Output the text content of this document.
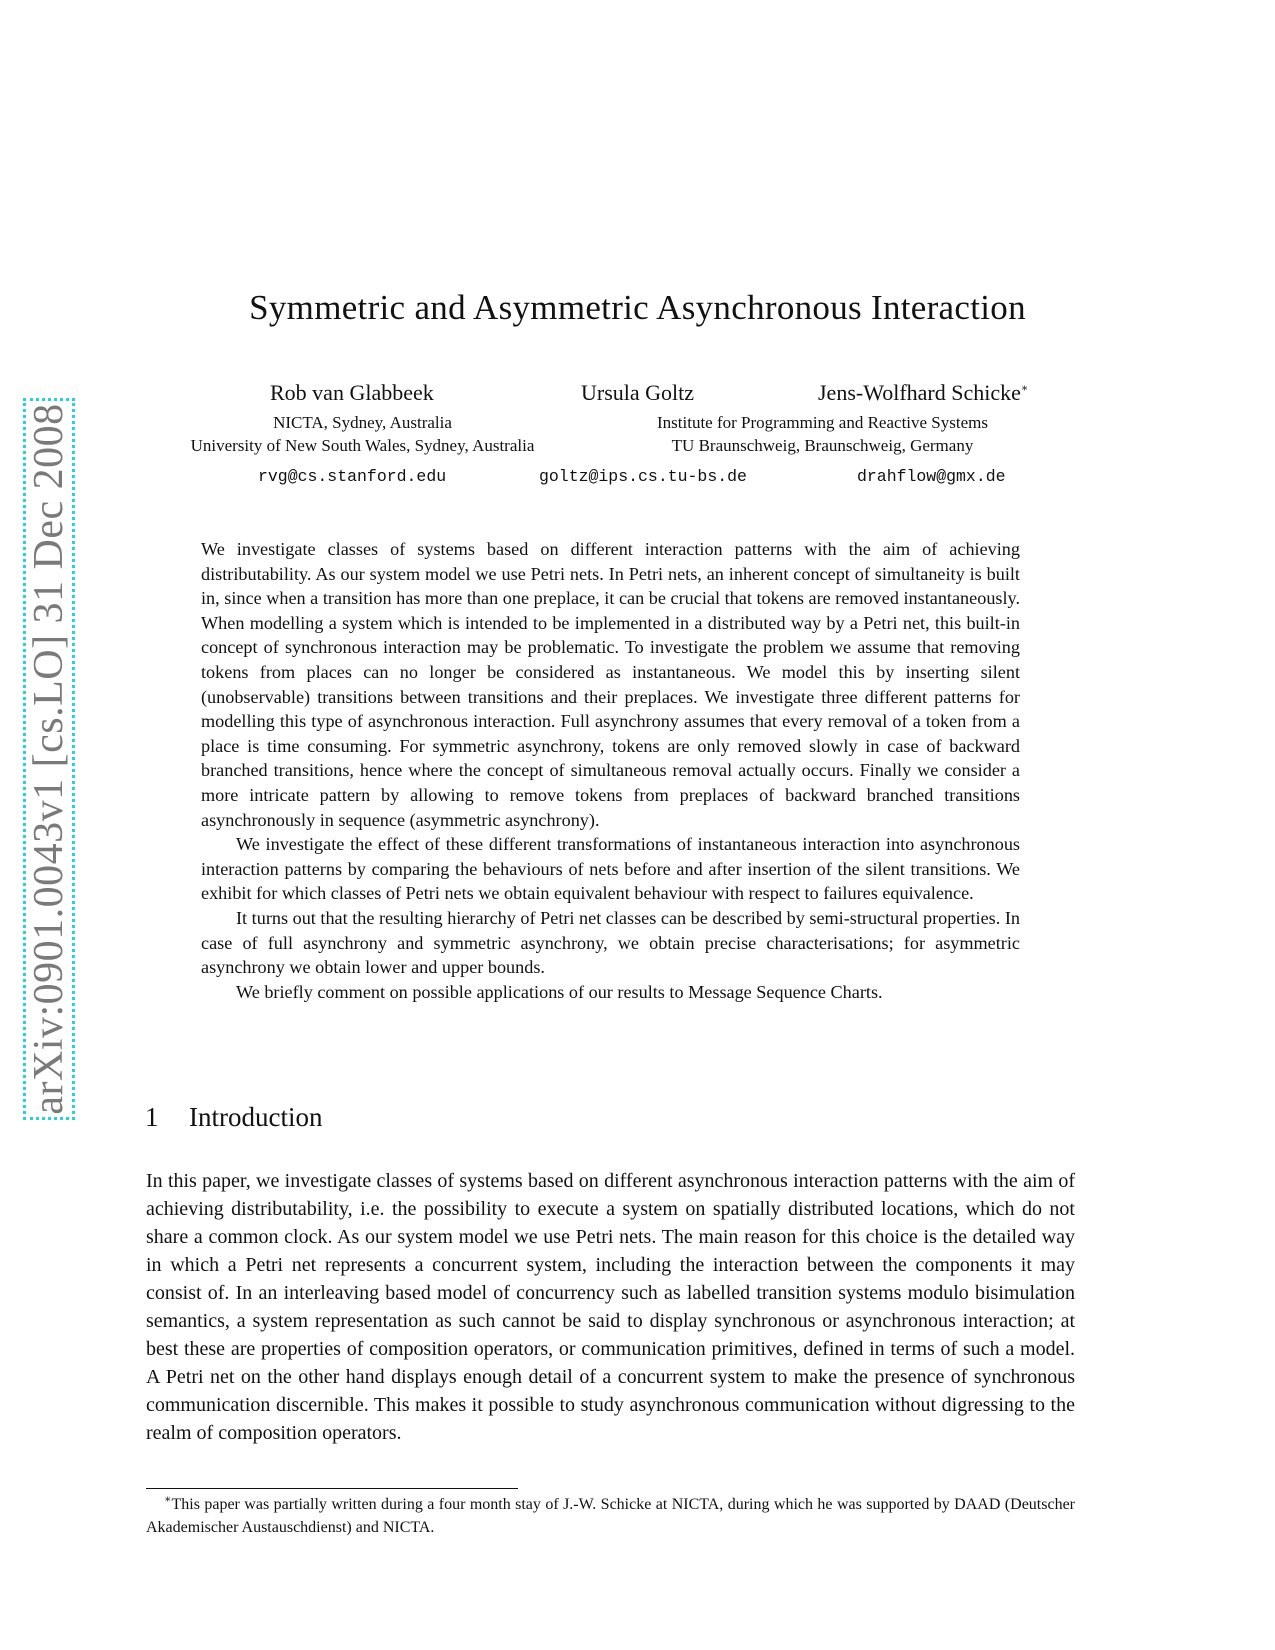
arXiv:0901.0043v1 [cs.LO] 31 Dec 2008
Symmetric and Asymmetric Asynchronous Interaction
Rob van Glabbeek	Ursula Goltz	Jens-Wolfhard Schicke∗
NICTA, Sydney, Australia
University of New South Wales, Sydney, Australia
Institute for Programming and Reactive Systems
TU Braunschweig, Braunschweig, Germany
rvg@cs.stanford.edu	goltz@ips.cs.tu-bs.de	drahflow@gmx.de

We investigate classes of systems based on different interaction patterns with the aim of achieving distributability. As our system model we use Petri nets. In Petri nets, an inherent concept of simultaneity is built in, since when a transition has more than one preplace, it can be crucial that tokens are removed instantaneously. When modelling a system which is intended to be implemented in a distributed way by a Petri net, this built-in concept of synchronous interaction may be problematic. To investigate the problem we assume that removing tokens from places can no longer be considered as instantaneous. We model this by inserting silent (unobservable) transitions between transitions and their preplaces. We investigate three different patterns for modelling this type of asynchronous interaction. Full asynchrony assumes that every removal of a token from a place is time consuming. For symmetric asynchrony, tokens are only removed slowly in case of backward branched transitions, hence where the concept of simultaneous removal actually occurs. Finally we consider a more intricate pattern by allowing to remove tokens from preplaces of backward branched transitions asynchronously in sequence (asymmetric asynchrony).

We investigate the effect of these different transformations of instantaneous interaction into asynchronous interaction patterns by comparing the behaviours of nets before and after insertion of the silent transitions. We exhibit for which classes of Petri nets we obtain equivalent behaviour with respect to failures equivalence.

It turns out that the resulting hierarchy of Petri net classes can be described by semi-structural properties. In case of full asynchrony and symmetric asynchrony, we obtain precise characterisations; for asymmetric asynchrony we obtain lower and upper bounds.

We briefly comment on possible applications of our results to Message Sequence Charts.

1 Introduction

In this paper, we investigate classes of systems based on different asynchronous interaction patterns with the aim of achieving distributability, i.e. the possibility to execute a system on spatially distributed locations, which do not share a common clock. As our system model we use Petri nets. The main reason for this choice is the detailed way in which a Petri net represents a concurrent system, including the interaction between the components it may consist of. In an interleaving based model of concurrency such as labelled transition systems modulo bisimulation semantics, a system representation as such cannot be said to display synchronous or asynchronous interaction; at best these are properties of composition operators, or communication primitives, defined in terms of such a model. A Petri net on the other hand displays enough detail of a concurrent system to make the presence of synchronous communication discernible. This makes it possible to study asynchronous communication without digressing to the realm of composition operators.

∗This paper was partially written during a four month stay of J.-W. Schicke at NICTA, during which he was supported by DAAD (Deutscher Akademischer Austauschdienst) and NICTA.
